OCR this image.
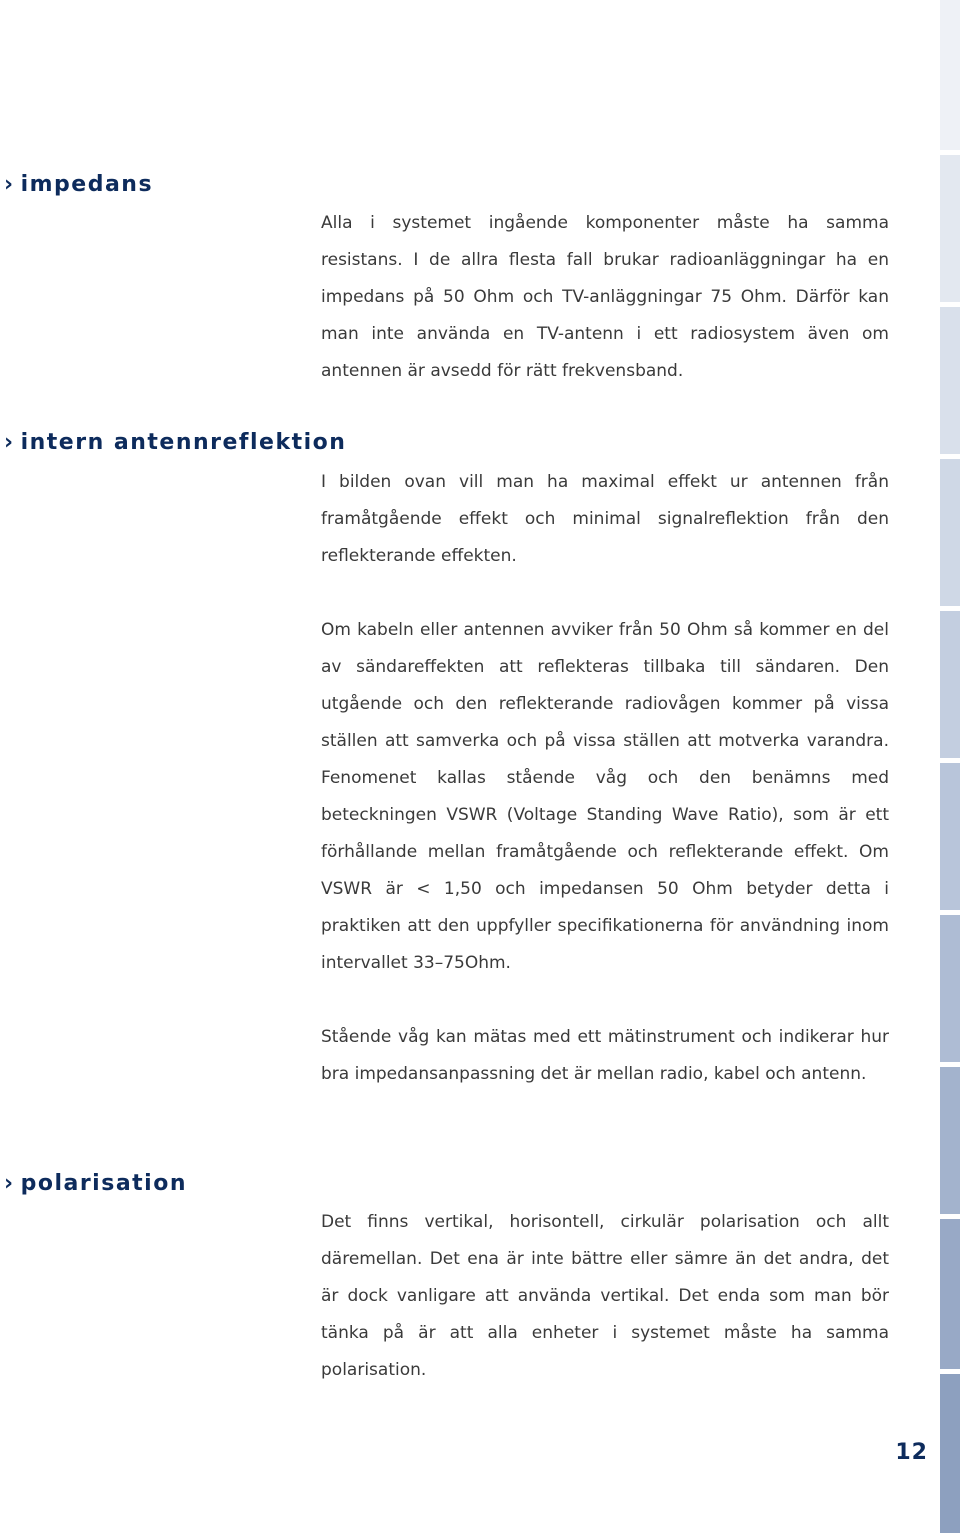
› impedans

Alla i systemet ingående komponenter måste ha samma resistans. I de allra flesta fall brukar radioanläggningar ha en impedans på 50 Ohm och TV-anläggningar 75 Ohm. Därför kan man inte använda en TV-antenn i ett radiosystem även om antennen är avsedd för rätt frekvensband.

› intern antennreflektion

I bilden ovan vill man ha maximal effekt ur antennen från framåtgående effekt och minimal signalreflektion från den reflekterande effekten.

Om kabeln eller antennen avviker från 50 Ohm så kommer en del av sändareffekten att reflekteras tillbaka till sändaren. Den utgående och den reflekterande radiovågen kommer på vissa ställen att samverka och på vissa ställen att motverka varandra. Fenomenet kallas stående våg och den benämns med beteckningen VSWR (Voltage Standing Wave Ratio), som är ett förhållande mellan framåtgående och reflekterande effekt. Om VSWR är < 1,50 och impedansen 50 Ohm betyder detta i praktiken att den uppfyller specifikationerna för användning inom intervallet 33–75Ohm.

Stående våg kan mätas med ett mätinstrument och indikerar hur bra impedansanpassning det är mellan radio, kabel och antenn.

› polarisation

Det finns vertikal, horisontell, cirkulär polarisation och allt däremellan. Det ena är inte bättre eller sämre än det andra, det är dock vanligare att använda vertikal. Det enda som man bör tänka på är att alla enheter i systemet måste ha samma polarisation.

12
